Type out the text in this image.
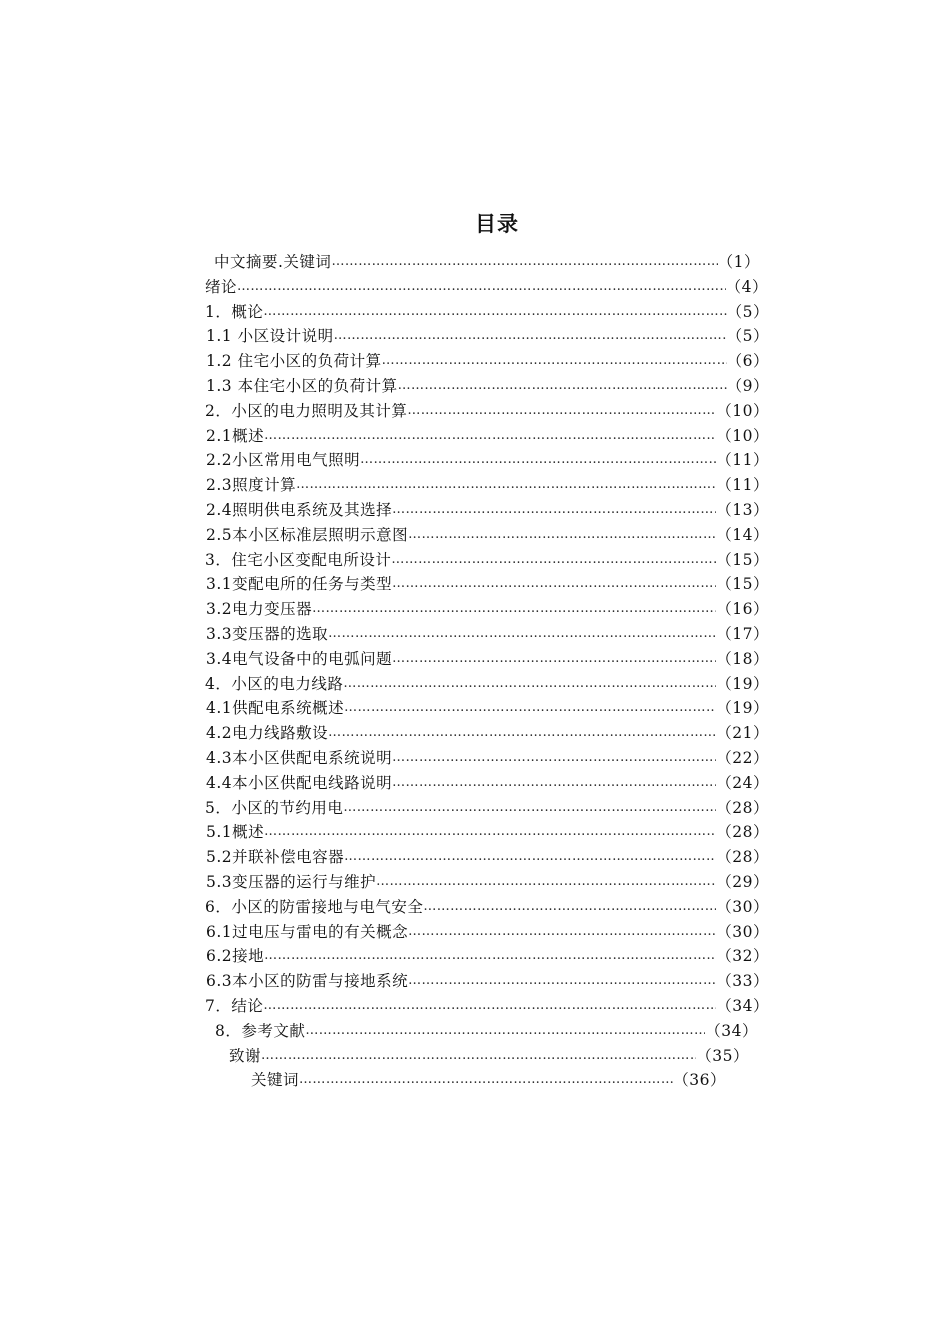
目录
中文摘要.关键词 …………………………………………………………………………………………………………………………………………………………………………………………………………	（1）
绪论 …………………………………………………………………………………………………………………………………………………………………………………………………………	（4）
1．概论 …………………………………………………………………………………………………………………………………………………………………………………………………………	（5）
1.1 小区设计说明 …………………………………………………………………………………………………………………………………………………………………………………………………………	（5）
1.2 住宅小区的负荷计算 …………………………………………………………………………………………………………………………………………………………………………………………………………	（6）
1.3 本住宅小区的负荷计算 …………………………………………………………………………………………………………………………………………………………………………………………………………	（9）
2．小区的电力照明及其计算 …………………………………………………………………………………………………………………………………………………………………………………………………………	（10）
2.1概述 …………………………………………………………………………………………………………………………………………………………………………………………………………	（10）
2.2小区常用电气照明 …………………………………………………………………………………………………………………………………………………………………………………………………………	（11）
2.3照度计算 …………………………………………………………………………………………………………………………………………………………………………………………………………	（11）
2.4照明供电系统及其选择 …………………………………………………………………………………………………………………………………………………………………………………………………………	（13）
2.5本小区标准层照明示意图 …………………………………………………………………………………………………………………………………………………………………………………………………………	（14）
3．住宅小区变配电所设计 …………………………………………………………………………………………………………………………………………………………………………………………………………	（15）
3.1变配电所的任务与类型 …………………………………………………………………………………………………………………………………………………………………………………………………………	（15）
3.2电力变压器 …………………………………………………………………………………………………………………………………………………………………………………………………………	（16）
3.3变压器的选取 …………………………………………………………………………………………………………………………………………………………………………………………………………	（17）
3.4电气设备中的电弧问题 …………………………………………………………………………………………………………………………………………………………………………………………………………	（18）
4．小区的电力线路 …………………………………………………………………………………………………………………………………………………………………………………………………………	（19）
4.1供配电系统概述 …………………………………………………………………………………………………………………………………………………………………………………………………………	（19）
4.2电力线路敷设 …………………………………………………………………………………………………………………………………………………………………………………………………………	（21）
4.3本小区供配电系统说明 …………………………………………………………………………………………………………………………………………………………………………………………………………	（22）
4.4本小区供配电线路说明 …………………………………………………………………………………………………………………………………………………………………………………………………………	（24）
5．小区的节约用电 …………………………………………………………………………………………………………………………………………………………………………………………………………	（28）
5.1概述 …………………………………………………………………………………………………………………………………………………………………………………………………………	（28）
5.2并联补偿电容器 …………………………………………………………………………………………………………………………………………………………………………………………………………	（28）
5.3变压器的运行与维护 …………………………………………………………………………………………………………………………………………………………………………………………………………	（29）
6．小区的防雷接地与电气安全 …………………………………………………………………………………………………………………………………………………………………………………………………………	（30）
6.1过电压与雷电的有关概念 …………………………………………………………………………………………………………………………………………………………………………………………………………	（30）
6.2接地 …………………………………………………………………………………………………………………………………………………………………………………………………………	（32）
6.3本小区的防雷与接地系统 …………………………………………………………………………………………………………………………………………………………………………………………………………	（33）
7．结论 …………………………………………………………………………………………………………………………………………………………………………………………………………	（34）
8．参考文献 …………………………………………………………………………………………………………………………………………………………………………………………………………	（34）
致谢 …………………………………………………………………………………………………………………………………………………………………………………………………………	（35）
关键词 …………………………………………………………………………………………………………………………………………………………………………………………………………	（36）
